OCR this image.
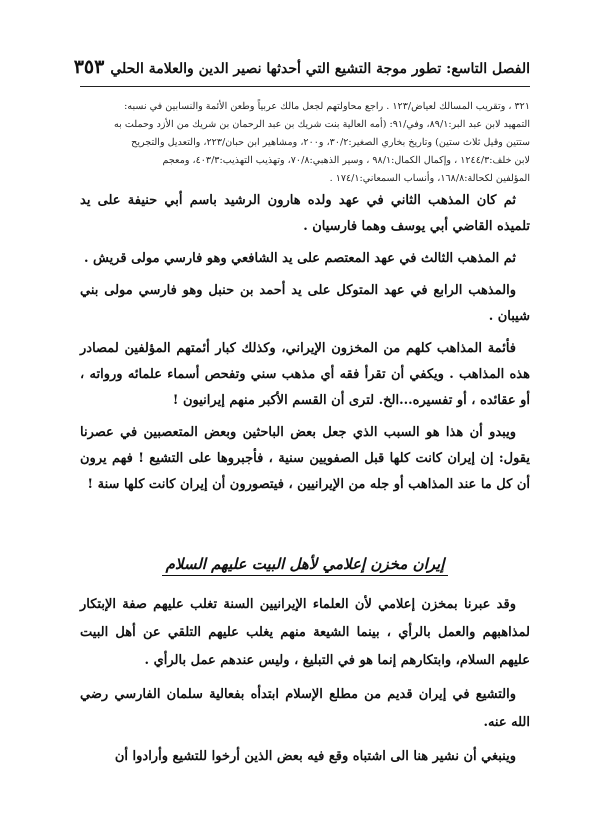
الفصل التاسع: تطور موجة التشيع التي أحدثها نصير الدين والعلامة الحلي
٣٥٣

٣٢١ ، وتقريب المسالك لعياض/١٢٣ . راجع محاولتهم لجعل مالك عربياً وطعن الأئمة والنسابين في نسبه:

التمهيد لابن عبد البر:٨٩/١، وفي/٩١: (أمه العالية بنت شريك بن عبد الرحمان بن شريك من الأزد وحملت به

ستتين وقيل ثلاث ستين) وتاريخ بخاري الصغير:٣٠/٢، و٢٠٠، ومشاهير ابن حبان/٢٢٣، والتعديل والتجريح

لابن خلف:١٢٤٤/٣ ، وإكمال الكمال:٩٨/١ ، وسير الذهبي:٧٠/٨، وتهذيب التهذيب:٤٠٣/٣، ومعجم

المؤلفين لكحالة:١٦٨/٨، وأنساب السمعاني:١٧٤/١ .

ثم كان المذهب الثاني في عهد ولده هارون الرشيد باسم أبي حنيفة على يد تلميذه القاضي أبي يوسف وهما فارسيان .

ثم المذهب الثالث في عهد المعتصم على يد الشافعي وهو فارسي مولى قريش .

والمذهب الرابع في عهد المتوكل على يد أحمد بن حنبل وهو فارسي مولى بني شيبان .

فأئمة المذاهب كلهم من المخزون الإيراني، وكذلك كبار أئمتهم المؤلفين لمصادر هذه المذاهب . ويكفي أن تقرأ فقه أي مذهب سني وتفحص أسماء علمائه ورواته ، أو عقائده ، أو تفسيره...الخ. لترى أن القسم الأكبر منهم إيرانيون !

ويبدو أن هذا هو السبب الذي جعل بعض الباحثين وبعض المتعصبين في عصرنا يقول: إن إيران كانت كلها قبل الصفويين سنية ، فأجبروها على التشيع ! فهم يرون أن كل ما عند المذاهب أو جله من الإيرانيين ، فيتصورون أن إيران كانت كلها سنة !

إيران مخزن إعلامي لأهل البيت عليهم السلام

وقد عبرنا بمخزن إعلامي لأن العلماء الإيرانيين السنة تغلب عليهم صفة الإبتكار لمذاهبهم والعمل بالرأي ، بينما الشيعة منهم يغلب عليهم التلقي عن أهل البيت عليهم السلام، وابتكارهم إنما هو في التبليغ ، وليس عندهم عمل بالرأي .

والتشيع في إيران قديم من مطلع الإسلام ابتدأه بفعالية سلمان الفارسي رضي الله عنه.

وينبغي أن نشير هنا الى اشتباه وقع فيه بعض الذين أرخوا للتشيع وأرادوا أن
